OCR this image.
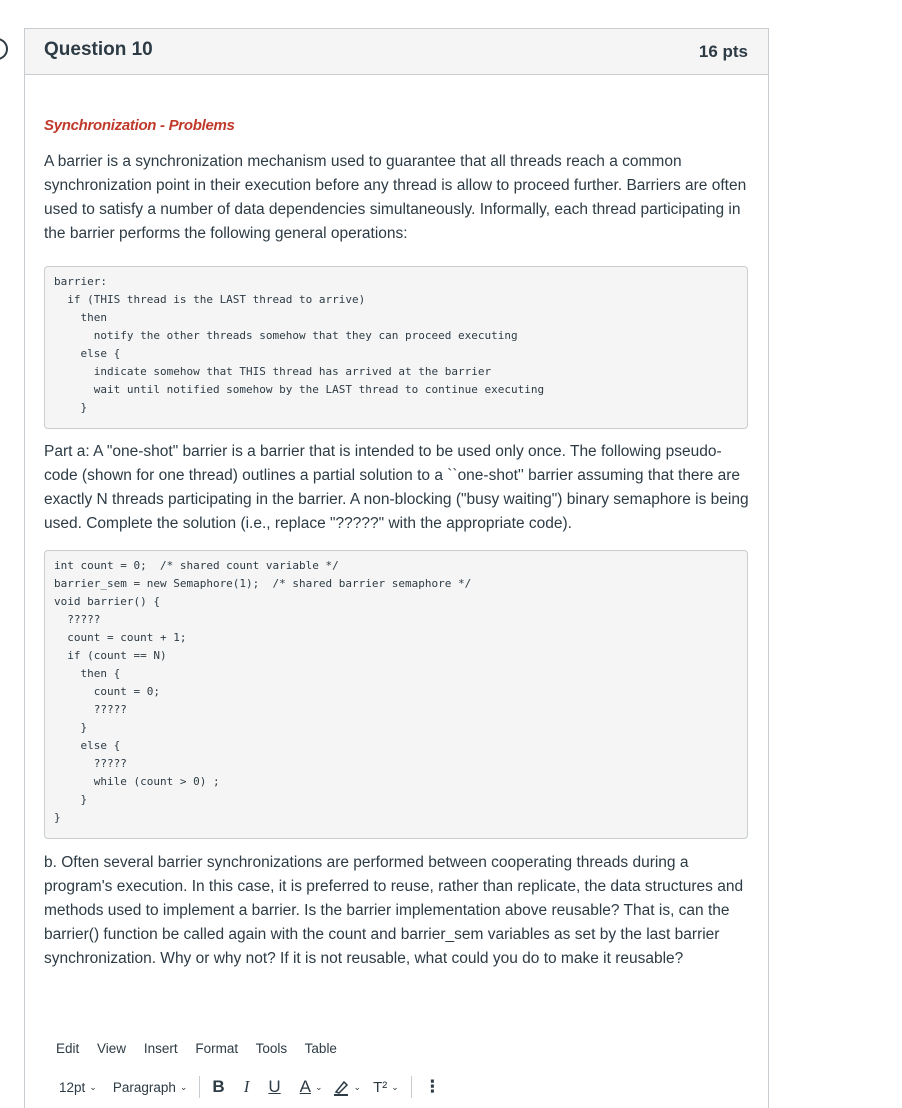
Question 10	16 pts
Synchronization - Problems

A barrier is a synchronization mechanism used to guarantee that all threads reach a common synchronization point in their execution before any thread is allow to proceed further. Barriers are often used to satisfy a number of data dependencies simultaneously. Informally, each thread participating in the barrier performs the following general operations:

barrier:
if (THIS thread is the LAST thread to arrive)
then
notify the other threads somehow that they can proceed executing
else {
indicate somehow that THIS thread has arrived at the barrier
wait until notified somehow by the LAST thread to continue executing
}

Part a: A "one-shot" barrier is a barrier that is intended to be used only once. The following pseudo-code (shown for one thread) outlines a partial solution to a ``one-shot'' barrier assuming that there are exactly N threads participating in the barrier. A non-blocking ("busy waiting") binary semaphore is being used. Complete the solution (i.e., replace "?????" with the appropriate code).

int count = 0;  /* shared count variable */
barrier_sem = new Semaphore(1);  /* shared barrier semaphore */
void barrier() {
?????
count = count + 1;
if (count == N)
then {
count = 0;
?????
}
else {
?????
while (count > 0) ;
}
}

b. Often several barrier synchronizations are performed between cooperating threads during a program's execution. In this case, it is preferred to reuse, rather than replicate, the data structures and methods used to implement a barrier. Is the barrier implementation above reusable? That is, can the barrier() function be called again with the count and barrier_sem variables as set by the last barrier synchronization. Why or why not? If it is not reusable, what could you do to make it reusable?

Edit View Insert Format Tools Table
12pt ⌄ Paragraph ⌄ B I U A ⌄	⌄ T² ⌄ ⋮
